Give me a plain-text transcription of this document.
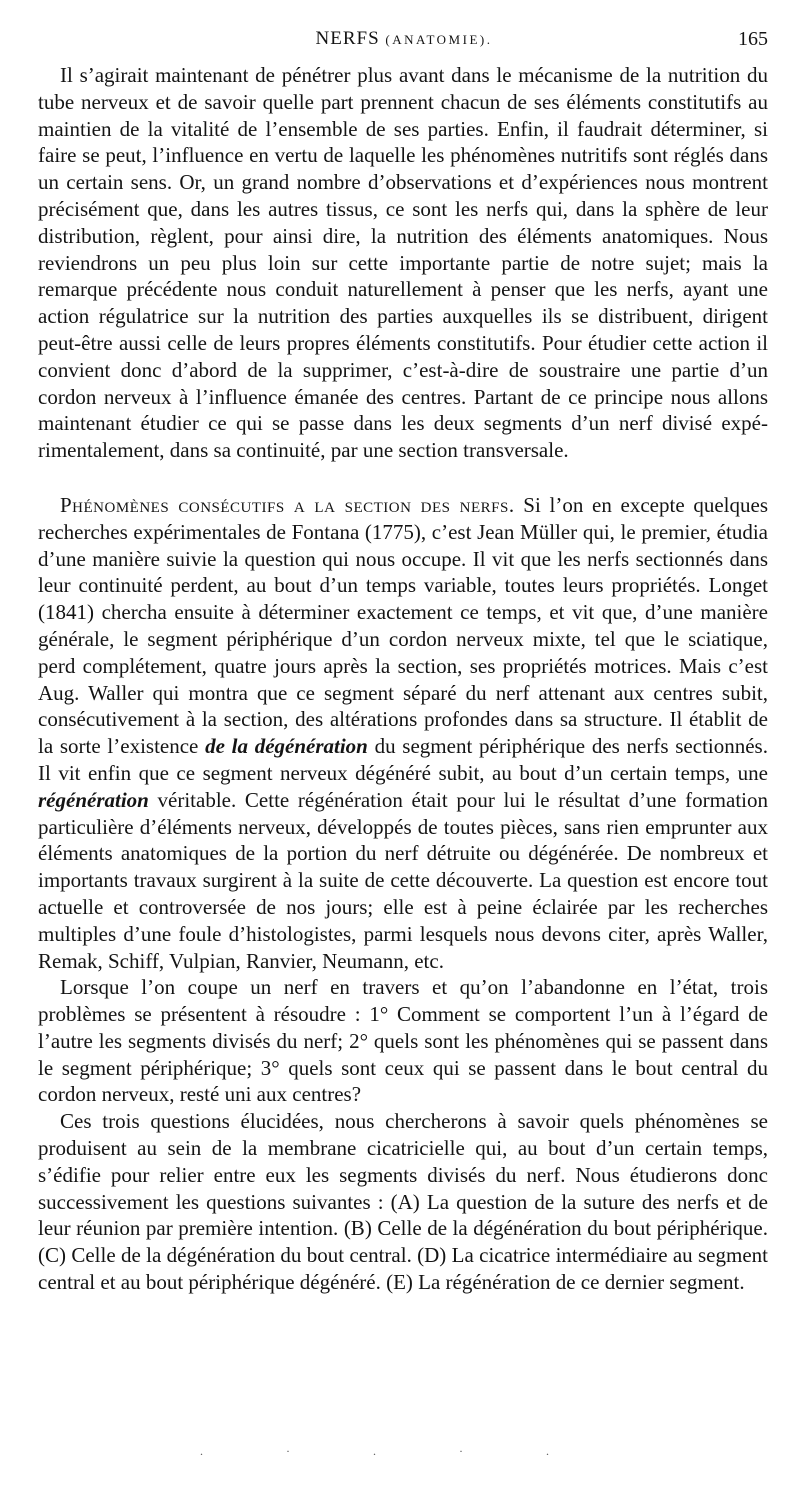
NERFS (ANATOMIE).	165

Il s’agirait maintenant de pénétrer plus avant dans le mécanisme de la nutrition du tube nerveux et de savoir quelle part prennent chacun de ses éléments constitutifs au maintien de la vitalité de l’ensemble de ses parties. Enfin, il faudrait déterminer, si faire se peut, l’influence en vertu de laquelle les phénomènes nutritifs sont réglés dans un certain sens. Or, un grand nombre d’observations et d’expériences nous montrent précisément que, dans les autres tissus, ce sont les nerfs qui, dans la sphère de leur distribution, règlent, pour ainsi dire, la nutrition des éléments anatomiques. Nous reviendrons un peu plus loin sur cette importante partie de notre sujet; mais la remarque précédente nous conduit naturellement à penser que les nerfs, ayant une action régulatrice sur la nutrition des parties auxquelles ils se distribuent, dirigent peut-être aussi celle de leurs propres éléments constitutifs. Pour étudier cette action il convient donc d’abord de la supprimer, c’est-à-dire de soustraire une partie d’un cordon nerveux à l’influence émanée des centres. Partant de ce principe nous allons maintenant étudier ce qui se passe dans les deux segments d’un nerf divisé expérimentalement, dans sa continuité, par une section transversale.

Phénomènes consécutifs a la section des nerfs. Si l’on en excepte quelques recherches expérimentales de Fontana (1775), c’est Jean Müller qui, le premier, étudia d’une manière suivie la question qui nous occupe. Il vit que les nerfs sectionnés dans leur continuité perdent, au bout d’un temps variable, toutes leurs propriétés. Longet (1841) chercha ensuite à déterminer exactement ce temps, et vit que, d’une manière générale, le segment périphérique d’un cordon nerveux mixte, tel que le sciatique, perd complétement, quatre jours après la section, ses propriétés motrices. Mais c’est Aug. Waller qui montra que ce segment séparé du nerf attenant aux centres subit, consécutivement à la section, des altérations profondes dans sa structure. Il établit de la sorte l’existence de la dégénération du segment périphérique des nerfs sectionnés. Il vit enfin que ce segment nerveux dégénéré subit, au bout d’un certain temps, une régénération véritable. Cette régénération était pour lui le résultat d’une formation particulière d’éléments nerveux, développés de toutes pièces, sans rien emprunter aux éléments anatomiques de la portion du nerf détruite ou dégénérée. De nombreux et importants travaux surgirent à la suite de cette découverte. La question est encore tout actuelle et controversée de nos jours; elle est à peine éclairée par les recherches multiples d’une foule d’histologistes, parmi lesquels nous devons citer, après Waller, Remak, Schiff, Vulpian, Ranvier, Neumann, etc.

Lorsque l’on coupe un nerf en travers et qu’on l’abandonne en l’état, trois problèmes se présentent à résoudre : 1° Comment se comportent l’un à l’égard de l’autre les segments divisés du nerf; 2° quels sont les phénomènes qui se passent dans le segment périphérique; 3° quels sont ceux qui se passent dans le bout central du cordon nerveux, resté uni aux centres?

Ces trois questions élucidées, nous chercherons à savoir quels phénomènes se produisent au sein de la membrane cicatricielle qui, au bout d’un certain temps, s’édifie pour relier entre eux les segments divisés du nerf. Nous étudierons donc successivement les questions suivantes : (A) La question de la suture des nerfs et de leur réunion par première intention. (B) Celle de la dégénération du bout périphérique. (C) Celle de la dégénération du bout central. (D) La cicatrice intermédiaire au segment central et au bout périphérique dégénéré. (E) La régénération de ce dernier segment.

. · . · .
